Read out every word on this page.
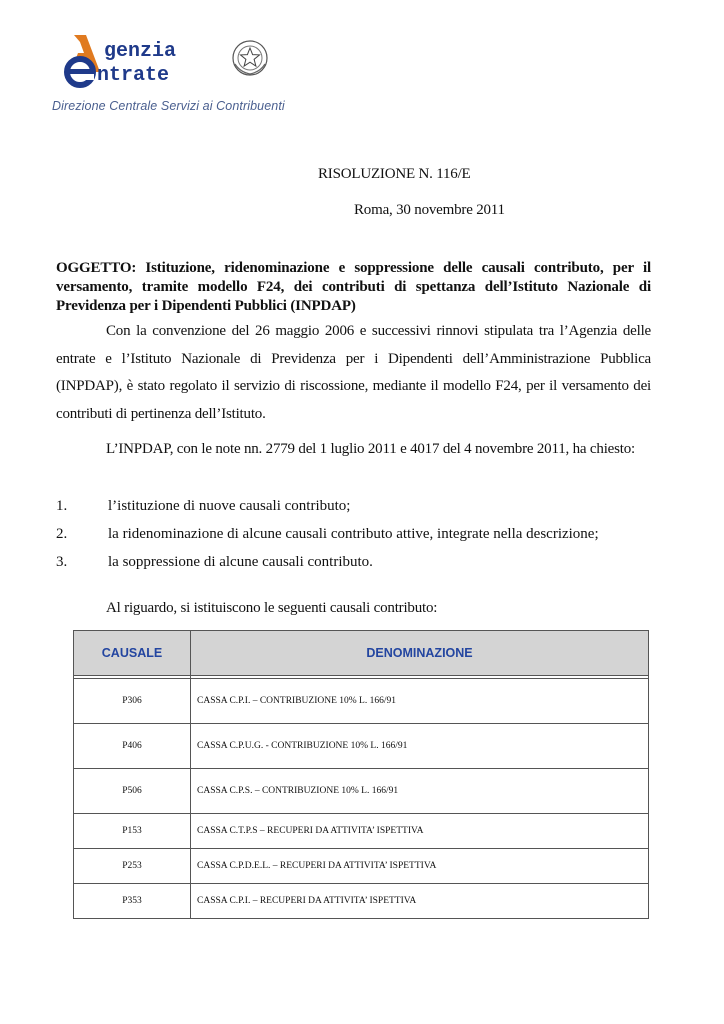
genzia
ntrate
Direzione Centrale Servizi ai Contribuenti
RISOLUZIONE N. 116/E
Roma, 30 novembre 2011
OGGETTO: Istituzione, ridenominazione e soppressione delle causali contributo, per il versamento, tramite modello F24, dei contributi di spettanza dell’Istituto Nazionale di Previdenza per i Dipendenti Pubblici (INPDAP)
Con la convenzione del 26 maggio 2006 e successivi rinnovi stipulata tra l’Agenzia delle entrate e l’Istituto Nazionale di Previdenza per i Dipendenti dell’Amministrazione Pubblica (INPDAP), è stato regolato il servizio di riscossione, mediante il modello F24, per il versamento dei contributi di pertinenza dell’Istituto.
L’INPDAP, con le note nn. 2779 del 1 luglio 2011 e 4017 del 4 novembre 2011, ha chiesto:
1.	l’istituzione di nuove causali contributo;
2.	la ridenominazione di alcune causali contributo attive, integrate nella descrizione;
3.	la soppressione di alcune causali contributo.
Al riguardo, si istituiscono le seguenti causali contributo:
CAUSALE	DENOMINAZIONE

P306	CASSA C.P.I. – CONTRIBUZIONE 10% L. 166/91
P406	CASSA C.P.U.G. - CONTRIBUZIONE 10% L. 166/91
P506	CASSA C.P.S. – CONTRIBUZIONE 10% L. 166/91
P153	CASSA C.T.P.S – RECUPERI DA ATTIVITA’ ISPETTIVA
P253	CASSA C.P.D.E.L. – RECUPERI DA ATTIVITA’ ISPETTIVA
P353	CASSA C.P.I. – RECUPERI DA ATTIVITA’ ISPETTIVA
